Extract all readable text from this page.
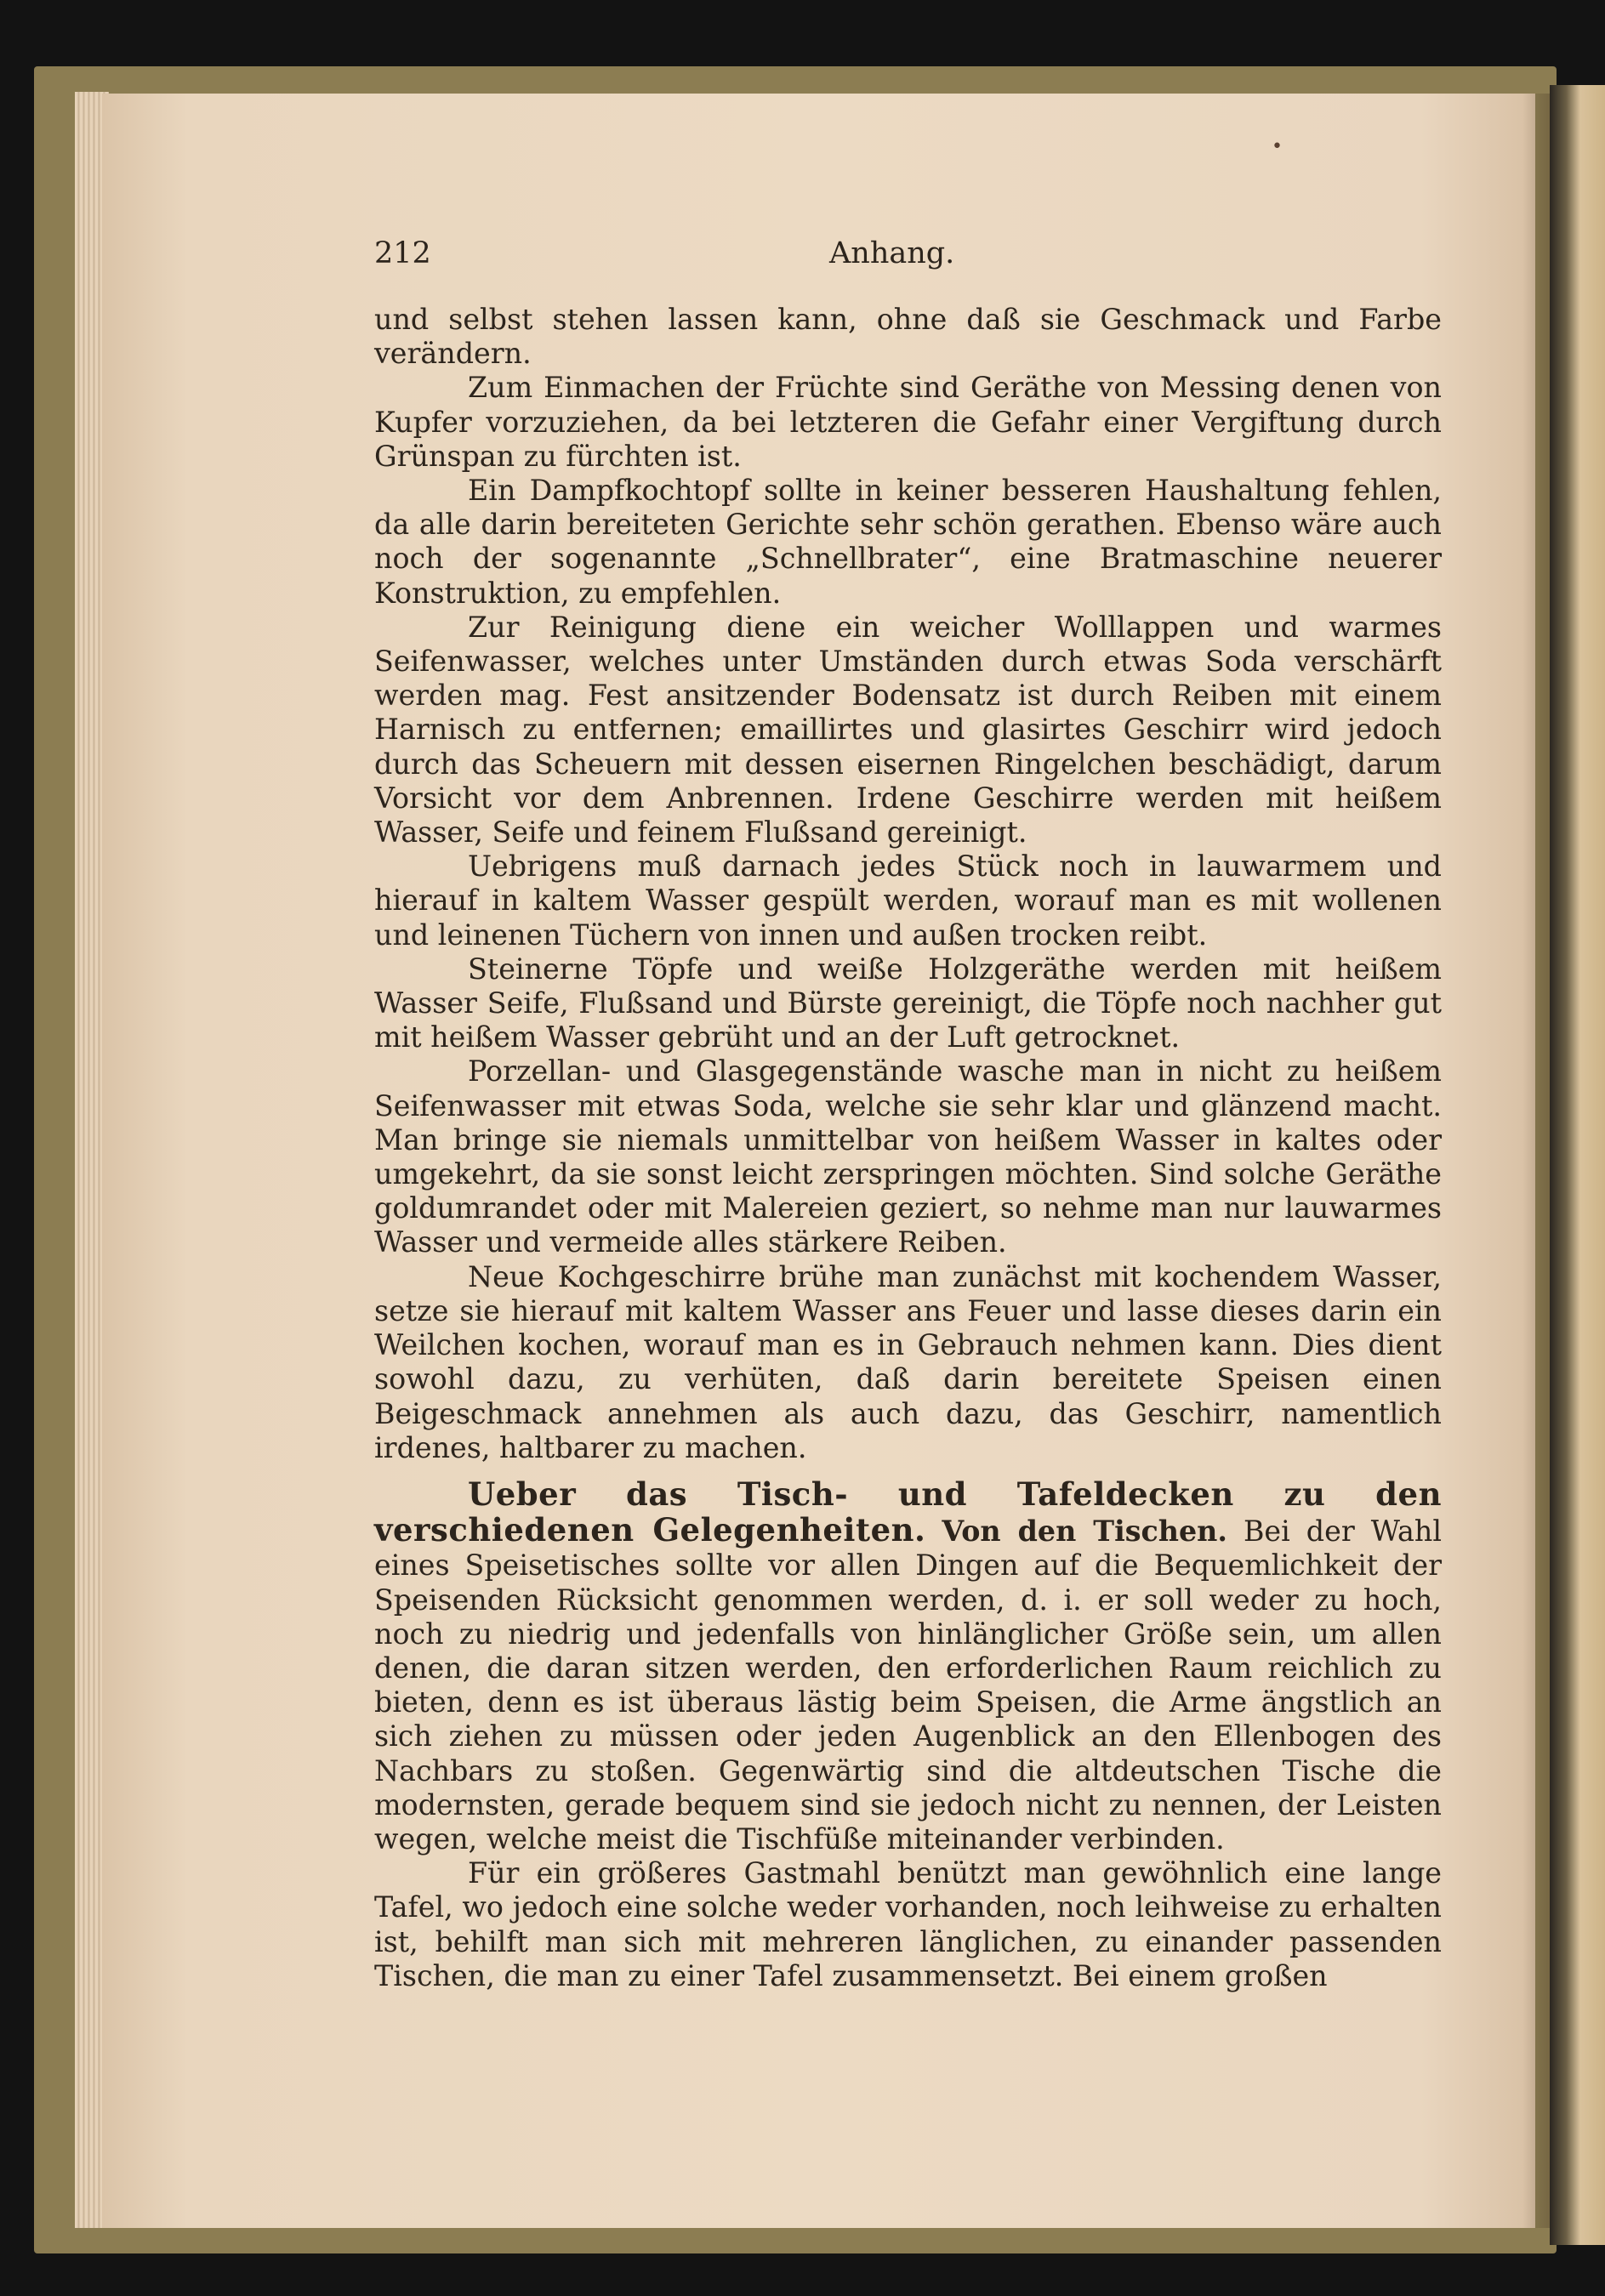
•
212	Anhang.

und selbst stehen lassen kann, ohne daß sie Geschmack und Farbe verändern.

Zum Einmachen der Früchte sind Geräthe von Messing denen von Kupfer vorzuziehen, da bei letzteren die Gefahr einer Vergiftung durch Grünspan zu fürchten ist.

Ein Dampfkochtopf sollte in keiner besseren Haushaltung fehlen, da alle darin bereiteten Gerichte sehr schön gerathen. Ebenso wäre auch noch der sogenannte „Schnellbrater“, eine Bratmaschine neuerer Konstruktion, zu empfehlen.

Zur Reinigung diene ein weicher Wolllappen und warmes Seifenwasser, welches unter Umständen durch etwas Soda verschärft werden mag. Fest ansitzender Bodensatz ist durch Reiben mit einem Harnisch zu entfernen; emaillirtes und glasirtes Geschirr wird jedoch durch das Scheuern mit dessen eisernen Ringelchen beschädigt, darum Vorsicht vor dem Anbrennen. Irdene Geschirre werden mit heißem Wasser, Seife und feinem Flußsand gereinigt.

Uebrigens muß darnach jedes Stück noch in lauwarmem und hierauf in kaltem Wasser gespült werden, worauf man es mit wollenen und leinenen Tüchern von innen und außen trocken reibt.

Steinerne Töpfe und weiße Holzgeräthe werden mit heißem Wasser Seife, Flußsand und Bürste gereinigt, die Töpfe noch nachher gut mit heißem Wasser gebrüht und an der Luft getrocknet.

Porzellan- und Glasgegenstände wasche man in nicht zu heißem Seifenwasser mit etwas Soda, welche sie sehr klar und glänzend macht. Man bringe sie niemals unmittelbar von heißem Wasser in kaltes oder umgekehrt, da sie sonst leicht zerspringen möchten. Sind solche Geräthe goldumrandet oder mit Malereien geziert, so nehme man nur lauwarmes Wasser und vermeide alles stärkere Reiben.

Neue Kochgeschirre brühe man zunächst mit kochendem Wasser, setze sie hierauf mit kaltem Wasser ans Feuer und lasse dieses darin ein Weilchen kochen, worauf man es in Gebrauch nehmen kann. Dies dient sowohl dazu, zu verhüten, daß darin bereitete Speisen einen Beigeschmack annehmen als auch dazu, das Geschirr, namentlich irdenes, haltbarer zu machen.

Ueber das Tisch- und Tafeldecken zu den verschiedenen Gelegenheiten. Von den Tischen. Bei der Wahl eines Speisetisches sollte vor allen Dingen auf die Bequemlichkeit der Speisenden Rücksicht genommen werden, d. i. er soll weder zu hoch, noch zu niedrig und jedenfalls von hinlänglicher Größe sein, um allen denen, die daran sitzen werden, den erforderlichen Raum reichlich zu bieten, denn es ist überaus lästig beim Speisen, die Arme ängstlich an sich ziehen zu müssen oder jeden Augenblick an den Ellenbogen des Nachbars zu stoßen. Gegenwärtig sind die altdeutschen Tische die modernsten, gerade bequem sind sie jedoch nicht zu nennen, der Leisten wegen, welche meist die Tischfüße miteinander verbinden.

Für ein größeres Gastmahl benützt man gewöhnlich eine lange Tafel, wo jedoch eine solche weder vorhanden, noch leihweise zu erhalten ist, behilft man sich mit mehreren länglichen, zu einander passenden Tischen, die man zu einer Tafel zusammensetzt. Bei einem großen
